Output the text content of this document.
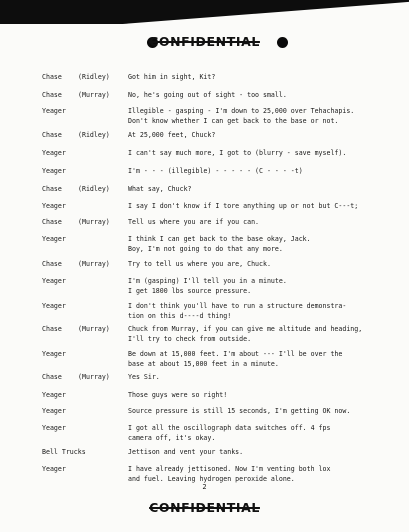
CONFIDENTIAL
Chase	(Ridley)	Got him in sight, Kit?
Chase	(Murray)	No, he's going out of sight - too small.
Yeager	Illegible - gasping - I'm down to 25,000 over Tehachapis.
Don't know whether I can get back to the base or not.
Chase	(Ridley)	At 25,000 feet, Chuck?
Yeager	I can't say much more, I got to (blurry - save myself).
Yeager	I'm - - - (illegible) - - - - - (C - - - -t)
Chase	(Ridley)	What say, Chuck?
Yeager	I say I don't know if I tore anything up or not but C---t;
Chase	(Murray)	Tell us where you are if you can.
Yeager	I think I can get back to the base okay, Jack.
Boy, I'm not going to do that any more.
Chase	(Murray)	Try to tell us where you are, Chuck.
Yeager	I'm (gasping) I'll tell you in a minute.
I get 1800 lbs source pressure.
Yeager	I don't think you'll have to run a structure demonstra-
tion on this d----d thing!
Chase	(Murray)	Chuck from Murray, if you can give me altitude and heading,
I'll try to check from outside.
Yeager	Be down at 15,000 feet. I'm about --- I'll be over the
base at about 15,000 feet in a minute.
Chase	(Murray)	Yes Sir.
Yeager	Those guys were so right!
Yeager	Source pressure is still 15 seconds, I'm getting OK now.
Yeager	I got all the oscillograph data switches off. 4 fps
camera off, it's okay.
Bell Trucks	Jettison and vent your tanks.
Yeager	I have already jettisoned. Now I'm venting both lox
and fuel. Leaving hydrogen peroxide alone.
2
CONFIDENTIAL
